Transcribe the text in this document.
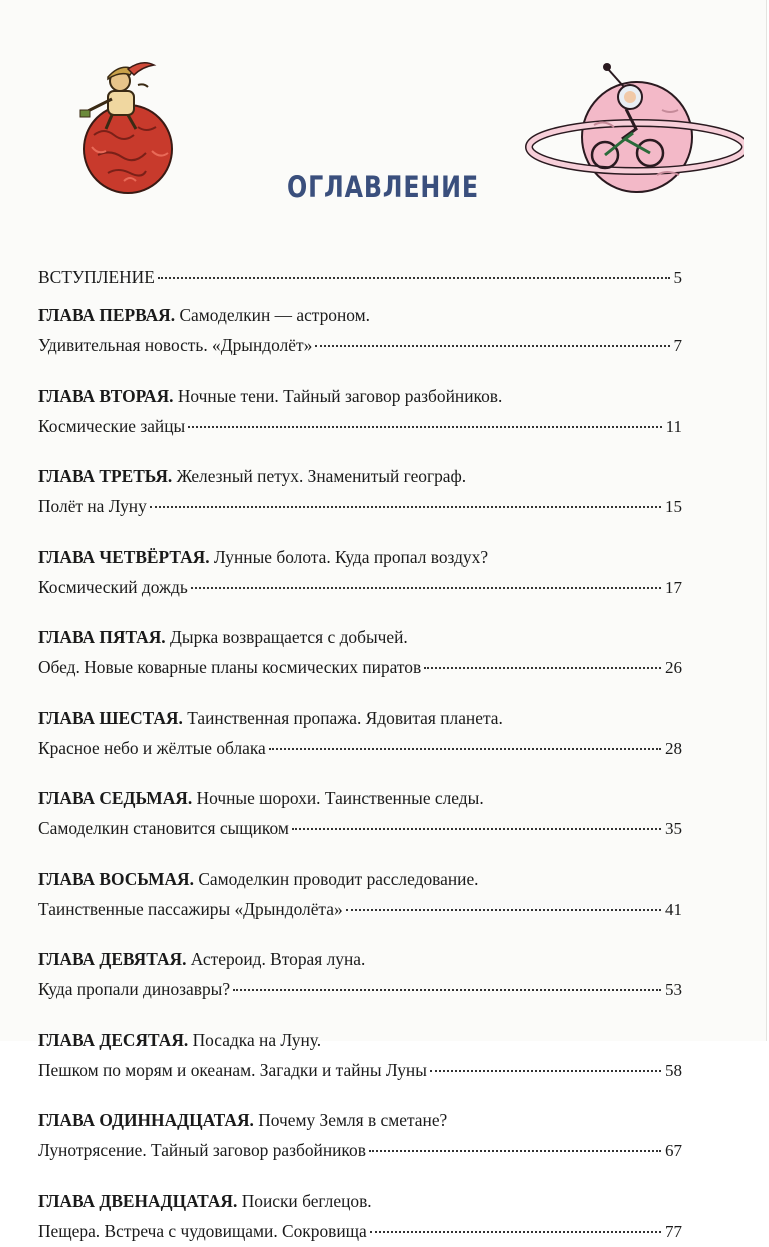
ОГЛАВЛЕНИЕ
ВСТУПЛЕНИЕ	5
ГЛАВА ПЕРВАЯ.
Самоделкин — астроном.
Удивительная новость. «Дрындолёт»	7
ГЛАВА ВТОРАЯ.
Ночные тени. Тайный заговор разбойников.
Космические зайцы	11
ГЛАВА ТРЕТЬЯ.
Железный петух. Знаменитый географ.
Полёт на Луну	15
ГЛАВА ЧЕТВЁРТАЯ.
Лунные болота. Куда пропал воздух?
Космический дождь	17
ГЛАВА ПЯТАЯ.
Дырка возвращается с добычей.
Обед. Новые коварные планы космических пиратов	26
ГЛАВА ШЕСТАЯ.
Таинственная пропажа. Ядовитая планета.
Красное небо и жёлтые облака	28
ГЛАВА СЕДЬМАЯ.
Ночные шорохи. Таинственные следы.
Самоделкин становится сыщиком	35
ГЛАВА ВОСЬМАЯ.
Самоделкин проводит расследование.
Таинственные пассажиры «Дрындолёта»	41
ГЛАВА ДЕВЯТАЯ.
Астероид. Вторая луна.
Куда пропали динозавры?	53
ГЛАВА ДЕСЯТАЯ.
Посадка на Луну.
Пешком по морям и океанам. Загадки и тайны Луны	58
ГЛАВА ОДИННАДЦАТАЯ.
Почему Земля в сметане?
Лунотрясение. Тайный заговор разбойников	67
ГЛАВА ДВЕНАДЦАТАЯ.
Поиски беглецов.
Пещера. Встреча с чудовищами. Сокровища	77
